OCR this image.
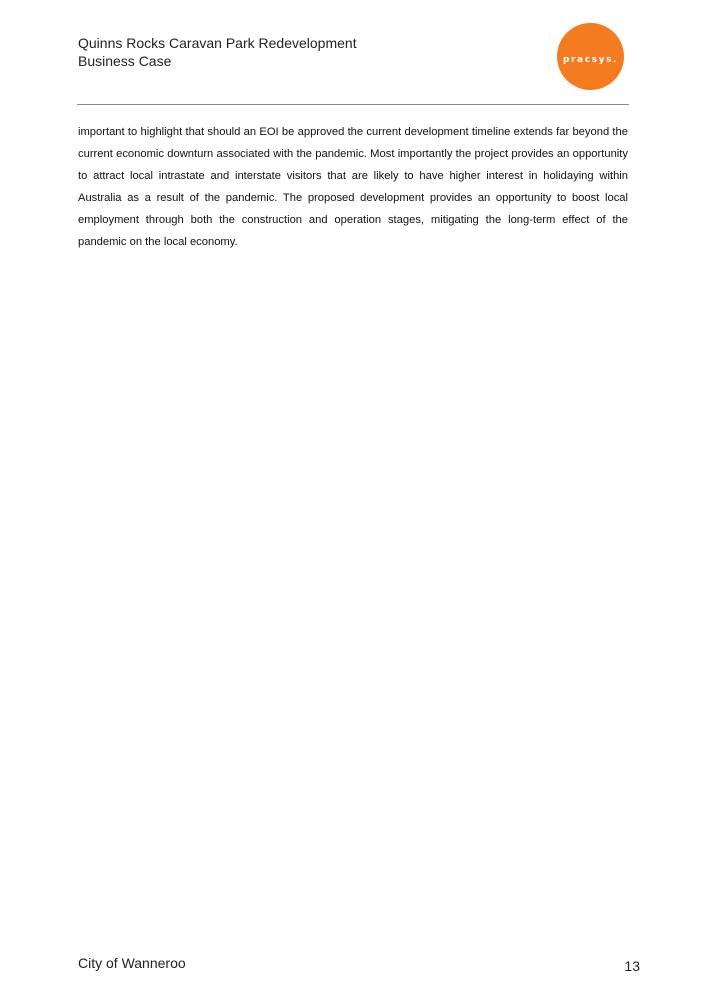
Quinns Rocks Caravan Park Redevelopment
Business Case	pracsys.
important to highlight that should an EOI be approved the current development timeline extends far beyond the current economic downturn associated with the pandemic. Most importantly the project provides an opportunity to attract local intrastate and interstate visitors that are likely to have higher interest in holidaying within Australia as a result of the pandemic. The proposed development provides an opportunity to boost local employment through both the construction and operation stages, mitigating the long-term effect of the pandemic on the local economy.
City of Wanneroo	13
